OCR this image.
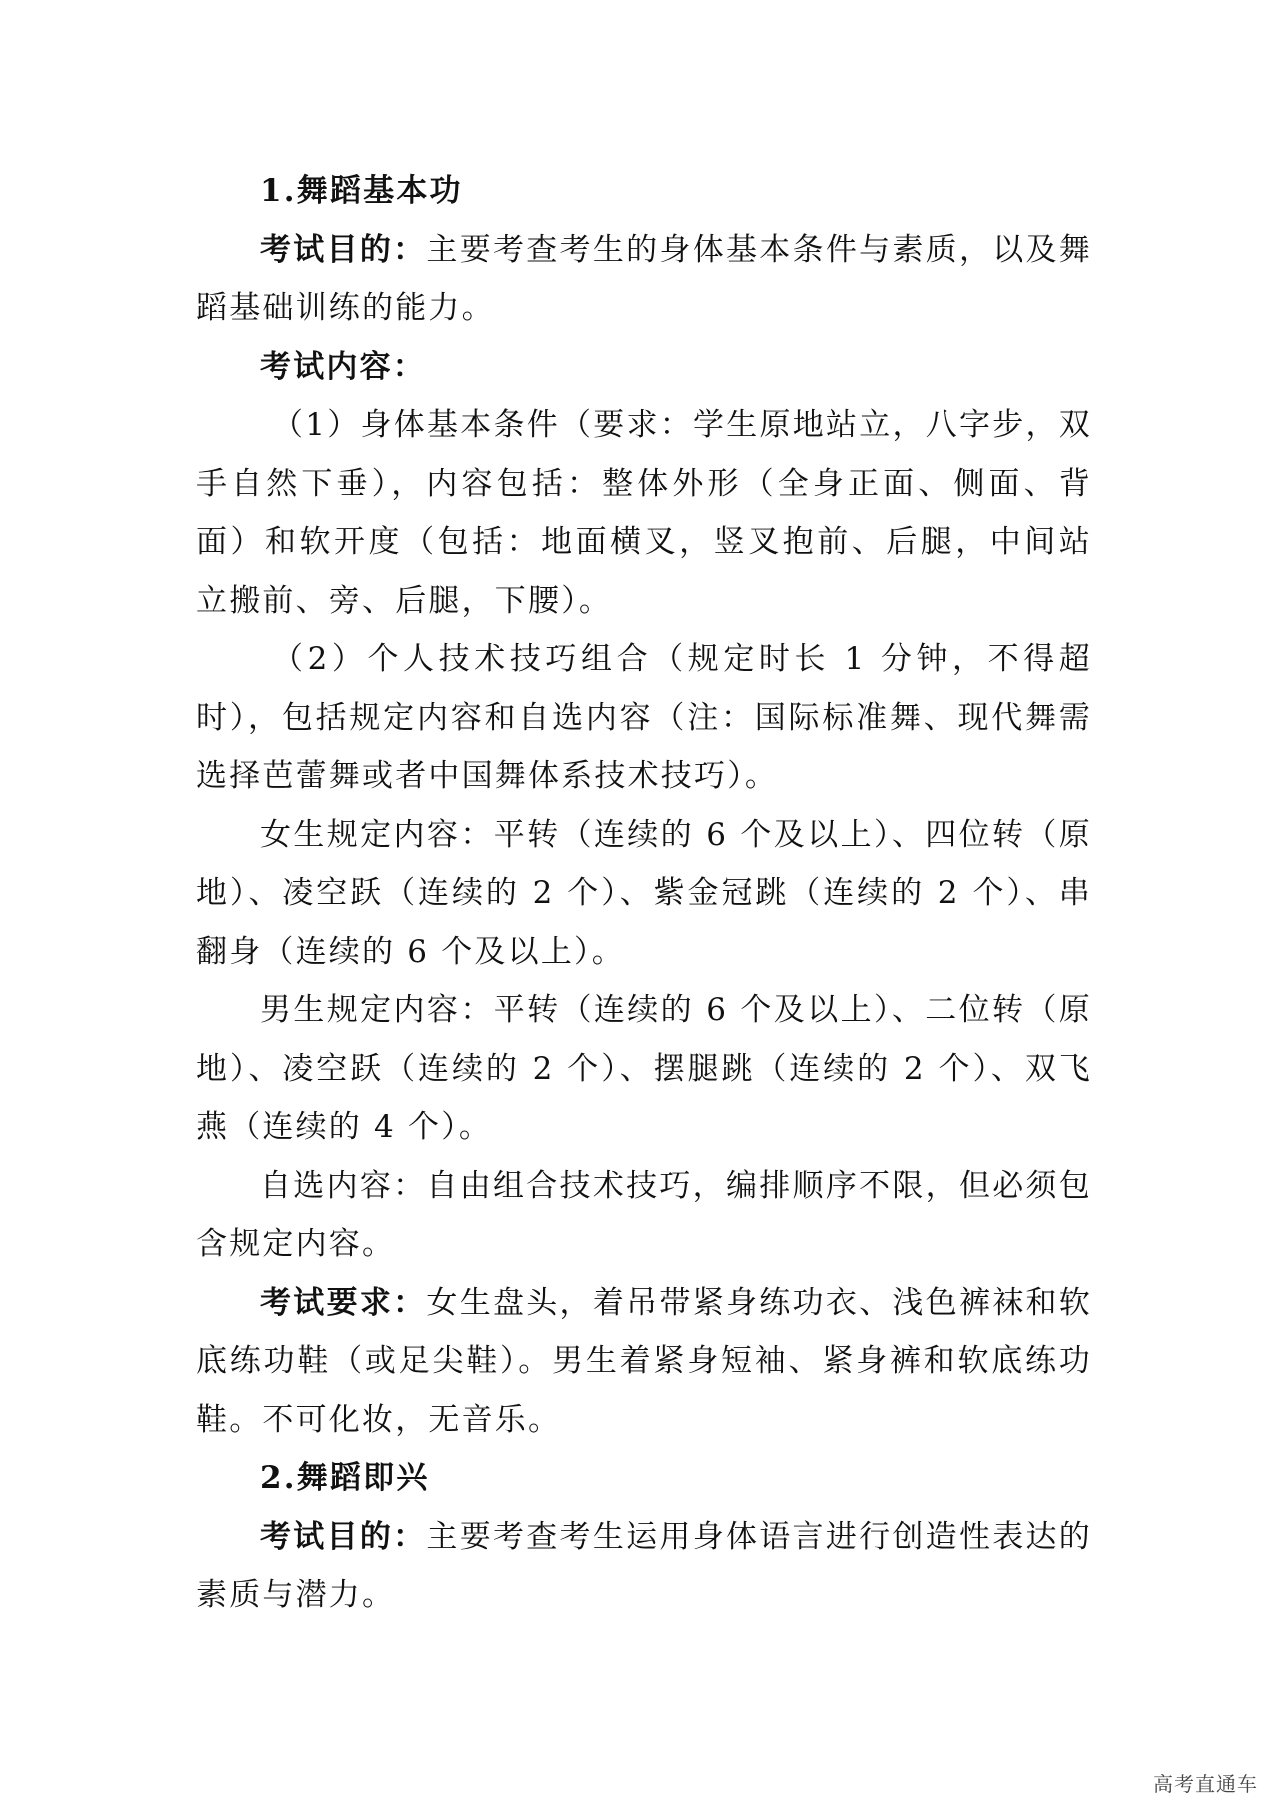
1.舞蹈基本功

考试目的：主要考查考生的身体基本条件与素质，以及舞蹈基础训练的能力。

考试内容：

（1）身体基本条件（要求：学生原地站立，八字步，双手自然下垂），内容包括：整体外形（全身正面、侧面、背面）和软开度（包括：地面横叉，竖叉抱前、后腿，中间站立搬前、旁、后腿，下腰）。

（2）个人技术技巧组合（规定时长 1 分钟，不得超时），包括规定内容和自选内容（注：国际标准舞、现代舞需选择芭蕾舞或者中国舞体系技术技巧）。

女生规定内容：平转（连续的 6 个及以上）、四位转（原地）、凌空跃（连续的 2 个）、紫金冠跳（连续的 2 个）、串翻身（连续的 6 个及以上）。

男生规定内容：平转（连续的 6 个及以上）、二位转（原地）、凌空跃（连续的 2 个）、摆腿跳（连续的 2 个）、双飞燕（连续的 4 个）。

自选内容：自由组合技术技巧，编排顺序不限，但必须包含规定内容。

考试要求：女生盘头，着吊带紧身练功衣、浅色裤袜和软底练功鞋（或足尖鞋）。男生着紧身短袖、紧身裤和软底练功鞋。不可化妆，无音乐。

2.舞蹈即兴

考试目的：主要考查考生运用身体语言进行创造性表达的素质与潜力。

高考直通车
